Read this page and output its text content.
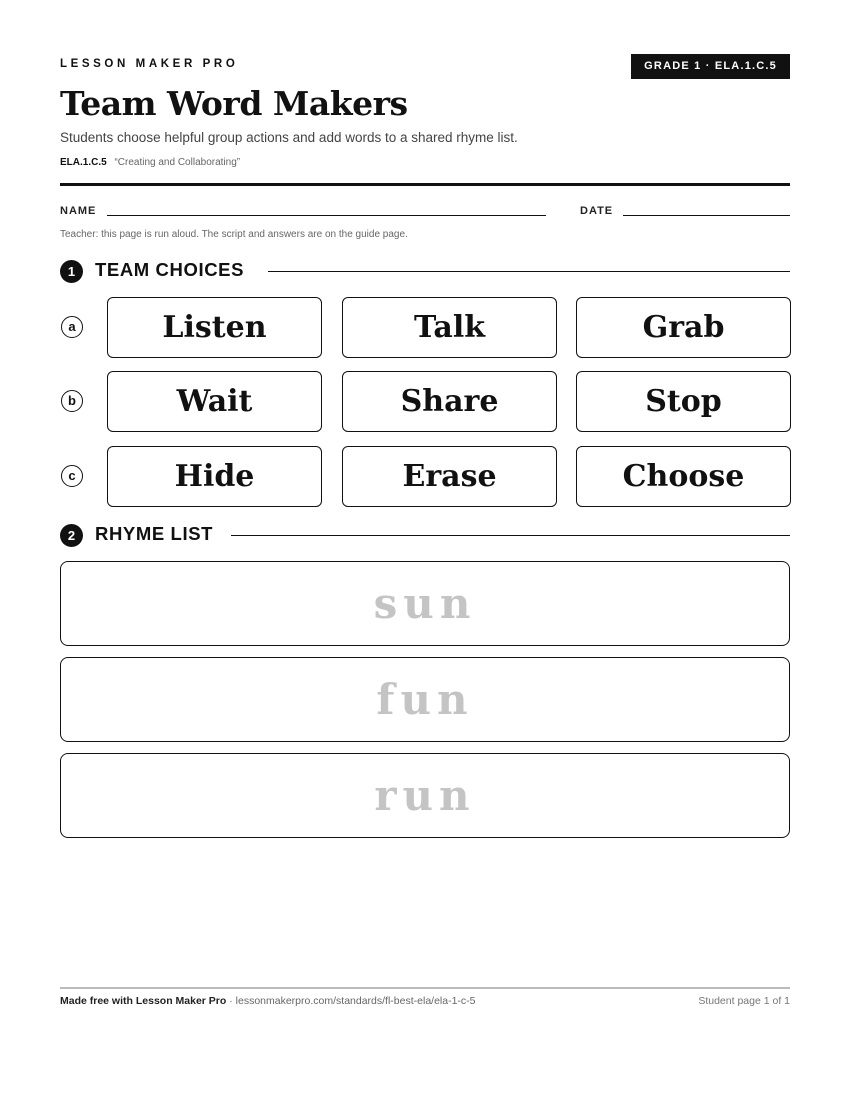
LESSON MAKER PRO	GRADE 1 · ELA.1.C.5
Team Word Makers
Students choose helpful group actions and add words to a shared rhyme list.
ELA.1.C.5 “Creating and Collaborating”
NAME	DATE
Teacher: this page is run aloud. The script and answers are on the guide page.
1	TEAM CHOICES
a	Listen	Talk	Grab
b	Wait	Share	Stop
c	Hide	Erase	Choose
2	RHYME LIST
sun
fun
run
Made free with Lesson Maker Pro · lessonmakerpro.com/standards/fl-best-ela/ela-1-c-5	Student page 1 of 1
